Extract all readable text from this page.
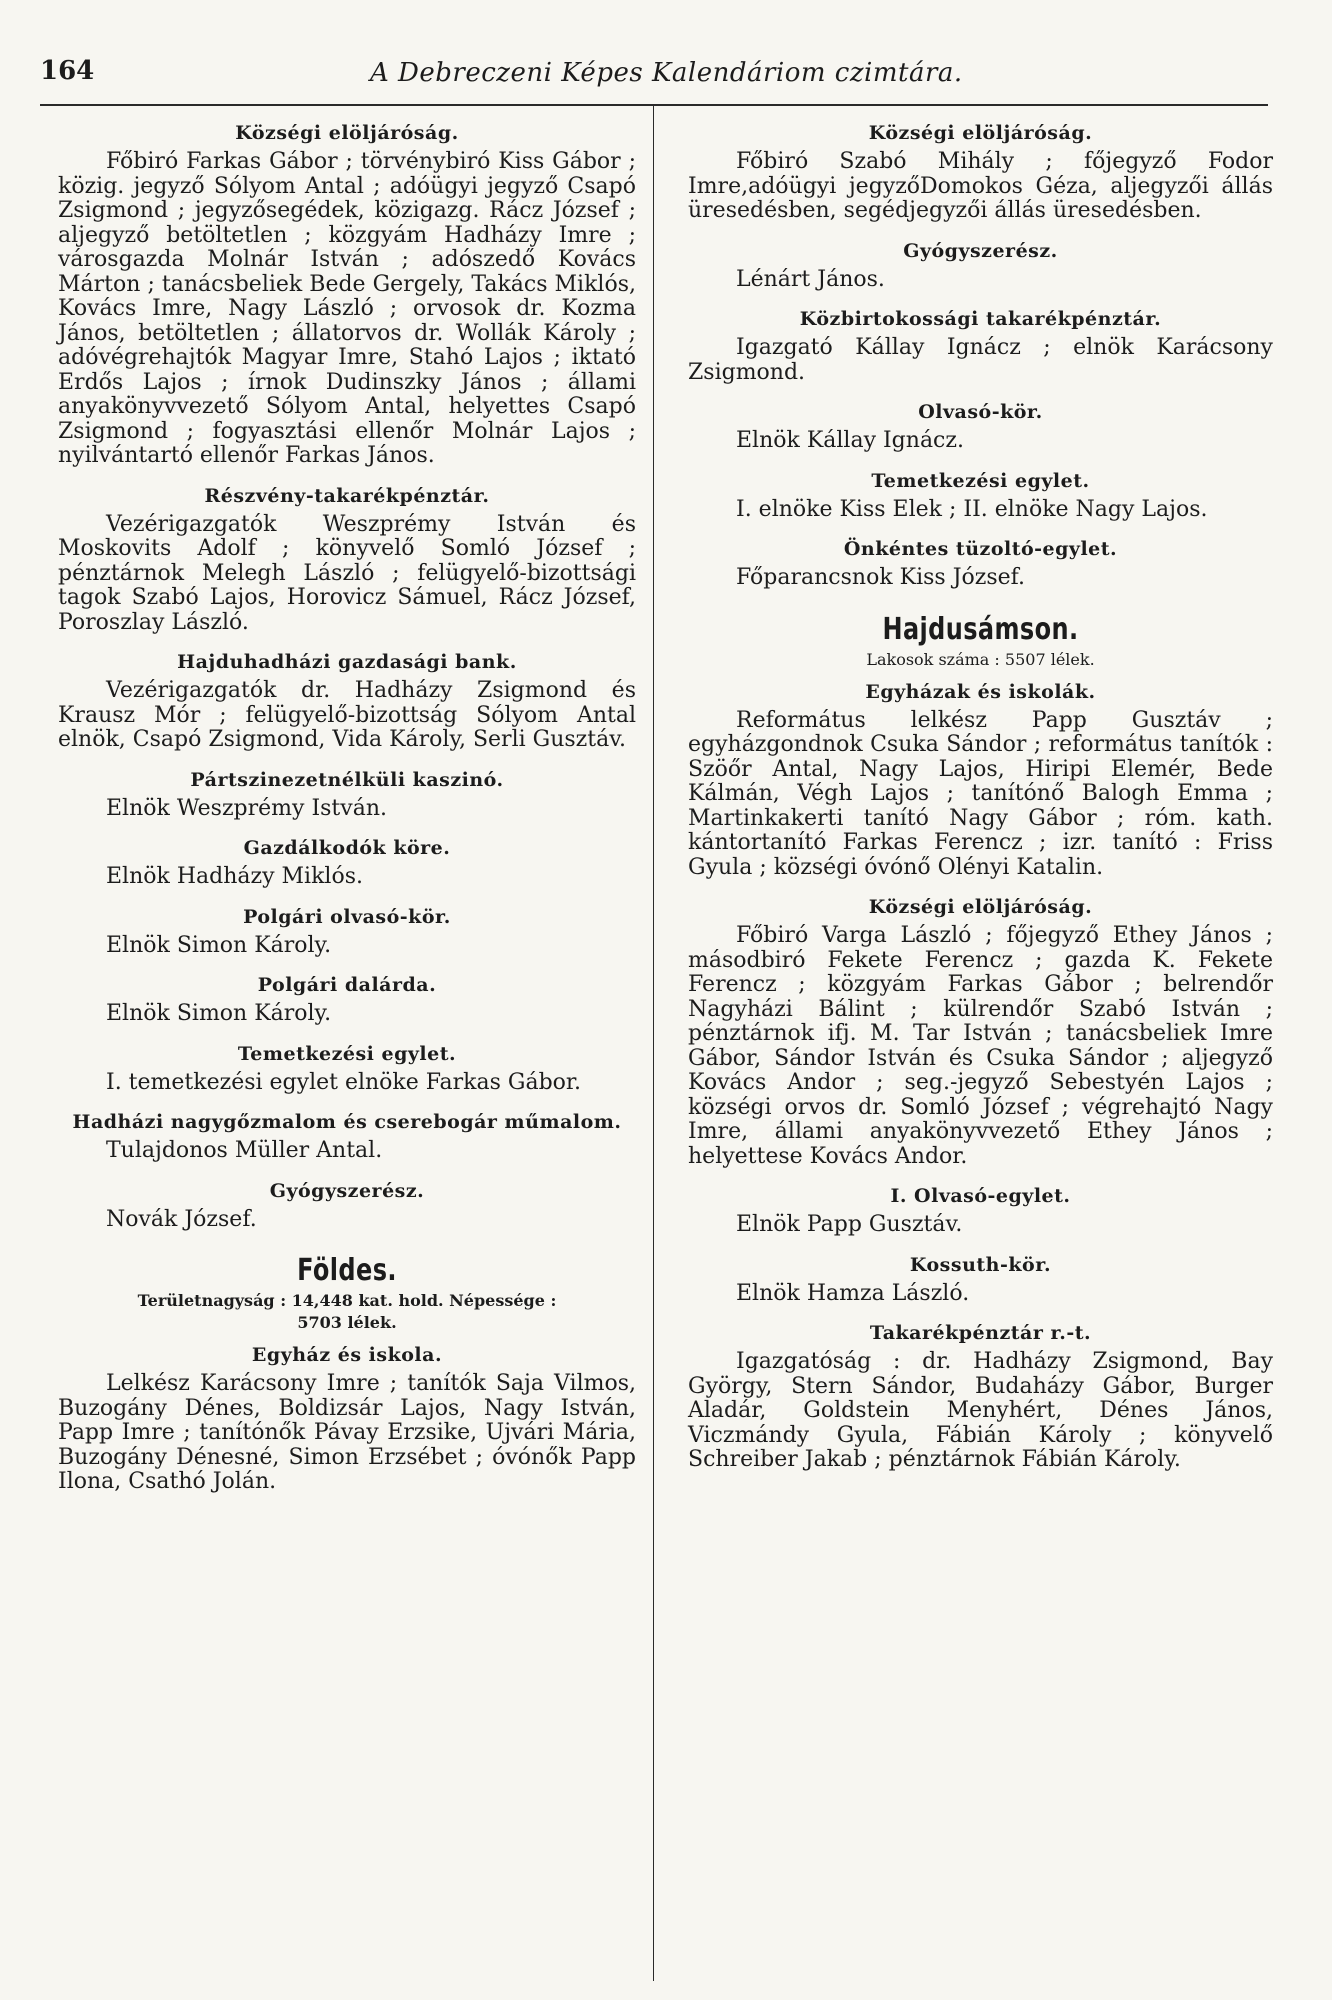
164	A Debreczeni Képes Kalendáriom czimtára.
Községi elöljáróság.

Főbiró Farkas Gábor ; törvénybiró Kiss Gábor ; közig. jegyző Sólyom Antal ; adóügyi jegyző Csapó Zsigmond ; jegyzősegédek, közigazg. Rácz József ; aljegyző betöltetlen ; közgyám Hadházy Imre ; városgazda Molnár István ; adószedő Kovács Márton ; tanácsbeliek Bede Gergely, Takács Miklós, Kovács Imre, Nagy László ; orvosok dr. Kozma János, betöltetlen ; állatorvos dr. Wollák Károly ; adóvégrehajtók Magyar Imre, Stahó Lajos ; iktató Erdős Lajos ; írnok Dudinszky János ; állami anyakönyvvezető Sólyom Antal, helyettes Csapó Zsigmond ; fogyasztási ellenőr Molnár Lajos ; nyilvántartó ellenőr Farkas János.

Részvény-takarékpénztár.

Vezérigazgatók Weszprémy István és Moskovits Adolf ; könyvelő Somló József ; pénztárnok Melegh László ; felügyelő-bizottsági tagok Szabó Lajos, Horovicz Sámuel, Rácz József, Poroszlay László.

Hajduhadházi gazdasági bank.

Vezérigazgatók dr. Hadházy Zsigmond és Krausz Mór ; felügyelő-bizottság Sólyom Antal elnök, Csapó Zsigmond, Vida Károly, Serli Gusztáv.

Pártszinezetnélküli kaszinó.

Elnök Weszprémy István.

Gazdálkodók köre.

Elnök Hadházy Miklós.

Polgári olvasó-kör.

Elnök Simon Károly.

Polgári dalárda.

Elnök Simon Károly.

Temetkezési egylet.

I. temetkezési egylet elnöke Farkas Gábor.

Hadházi nagygőzmalom és cserebogár műmalom.

Tulajdonos Müller Antal.

Gyógyszerész.

Novák József.

Földes.
Területnagyság : 14,448 kat. hold. Népessége :
5703 lélek.
Egyház és iskola.

Lelkész Karácsony Imre ; tanítók Saja Vilmos, Buzogány Dénes, Boldizsár Lajos, Nagy István, Papp Imre ; tanítónők Pávay Erzsike, Ujvári Mária, Buzogány Dénesné, Simon Erzsébet ; óvónők Papp Ilona, Csathó Jolán.

Községi elöljáróság.

Főbiró Szabó Mihály ; főjegyző Fodor Imre,adóügyi jegyzőDomokos Géza, aljegyzői állás üresedésben, segédjegyzői állás üresedésben.

Gyógyszerész.

Lénárt János.

Közbirtokossági takarékpénztár.

Igazgató Kállay Ignácz ; elnök Karácsony Zsigmond.

Olvasó-kör.

Elnök Kállay Ignácz.

Temetkezési egylet.

I. elnöke Kiss Elek ; II. elnöke Nagy Lajos.

Önkéntes tüzoltó-egylet.

Főparancsnok Kiss József.

Hajdusámson.
Lakosok száma : 5507 lélek.
Egyházak és iskolák.

Református lelkész Papp Gusztáv ; egyházgondnok Csuka Sándor ; református tanítók : Szöőr Antal, Nagy Lajos, Hiripi Elemér, Bede Kálmán, Végh Lajos ; tanítónő Balogh Emma ; Martinkakerti tanító Nagy Gábor ; róm. kath. kántortanító Farkas Ferencz ; izr. tanító : Friss Gyula ; községi óvónő Olényi Katalin.

Községi elöljáróság.

Főbiró Varga László ; főjegyző Ethey János ; másodbiró Fekete Ferencz ; gazda K. Fekete Ferencz ; közgyám Farkas Gábor ; belrendőr Nagyházi Bálint ; külrendőr Szabó István ; pénztárnok ifj. M. Tar István ; tanácsbeliek Imre Gábor, Sándor István és Csuka Sándor ; aljegyző Kovács Andor ; seg.-jegyző Sebestyén Lajos ; községi orvos dr. Somló József ; végrehajtó Nagy Imre, állami anyakönyvvezető Ethey János ; helyettese Kovács Andor.

I. Olvasó-egylet.

Elnök Papp Gusztáv.

Kossuth-kör.

Elnök Hamza László.

Takarékpénztár r.-t.

Igazgatóság : dr. Hadházy Zsigmond, Bay György, Stern Sándor, Budaházy Gábor, Burger Aladár, Goldstein Menyhért, Dénes János, Viczmándy Gyula, Fábián Károly ; könyvelő Schreiber Jakab ; pénztárnok Fábián Károly.
